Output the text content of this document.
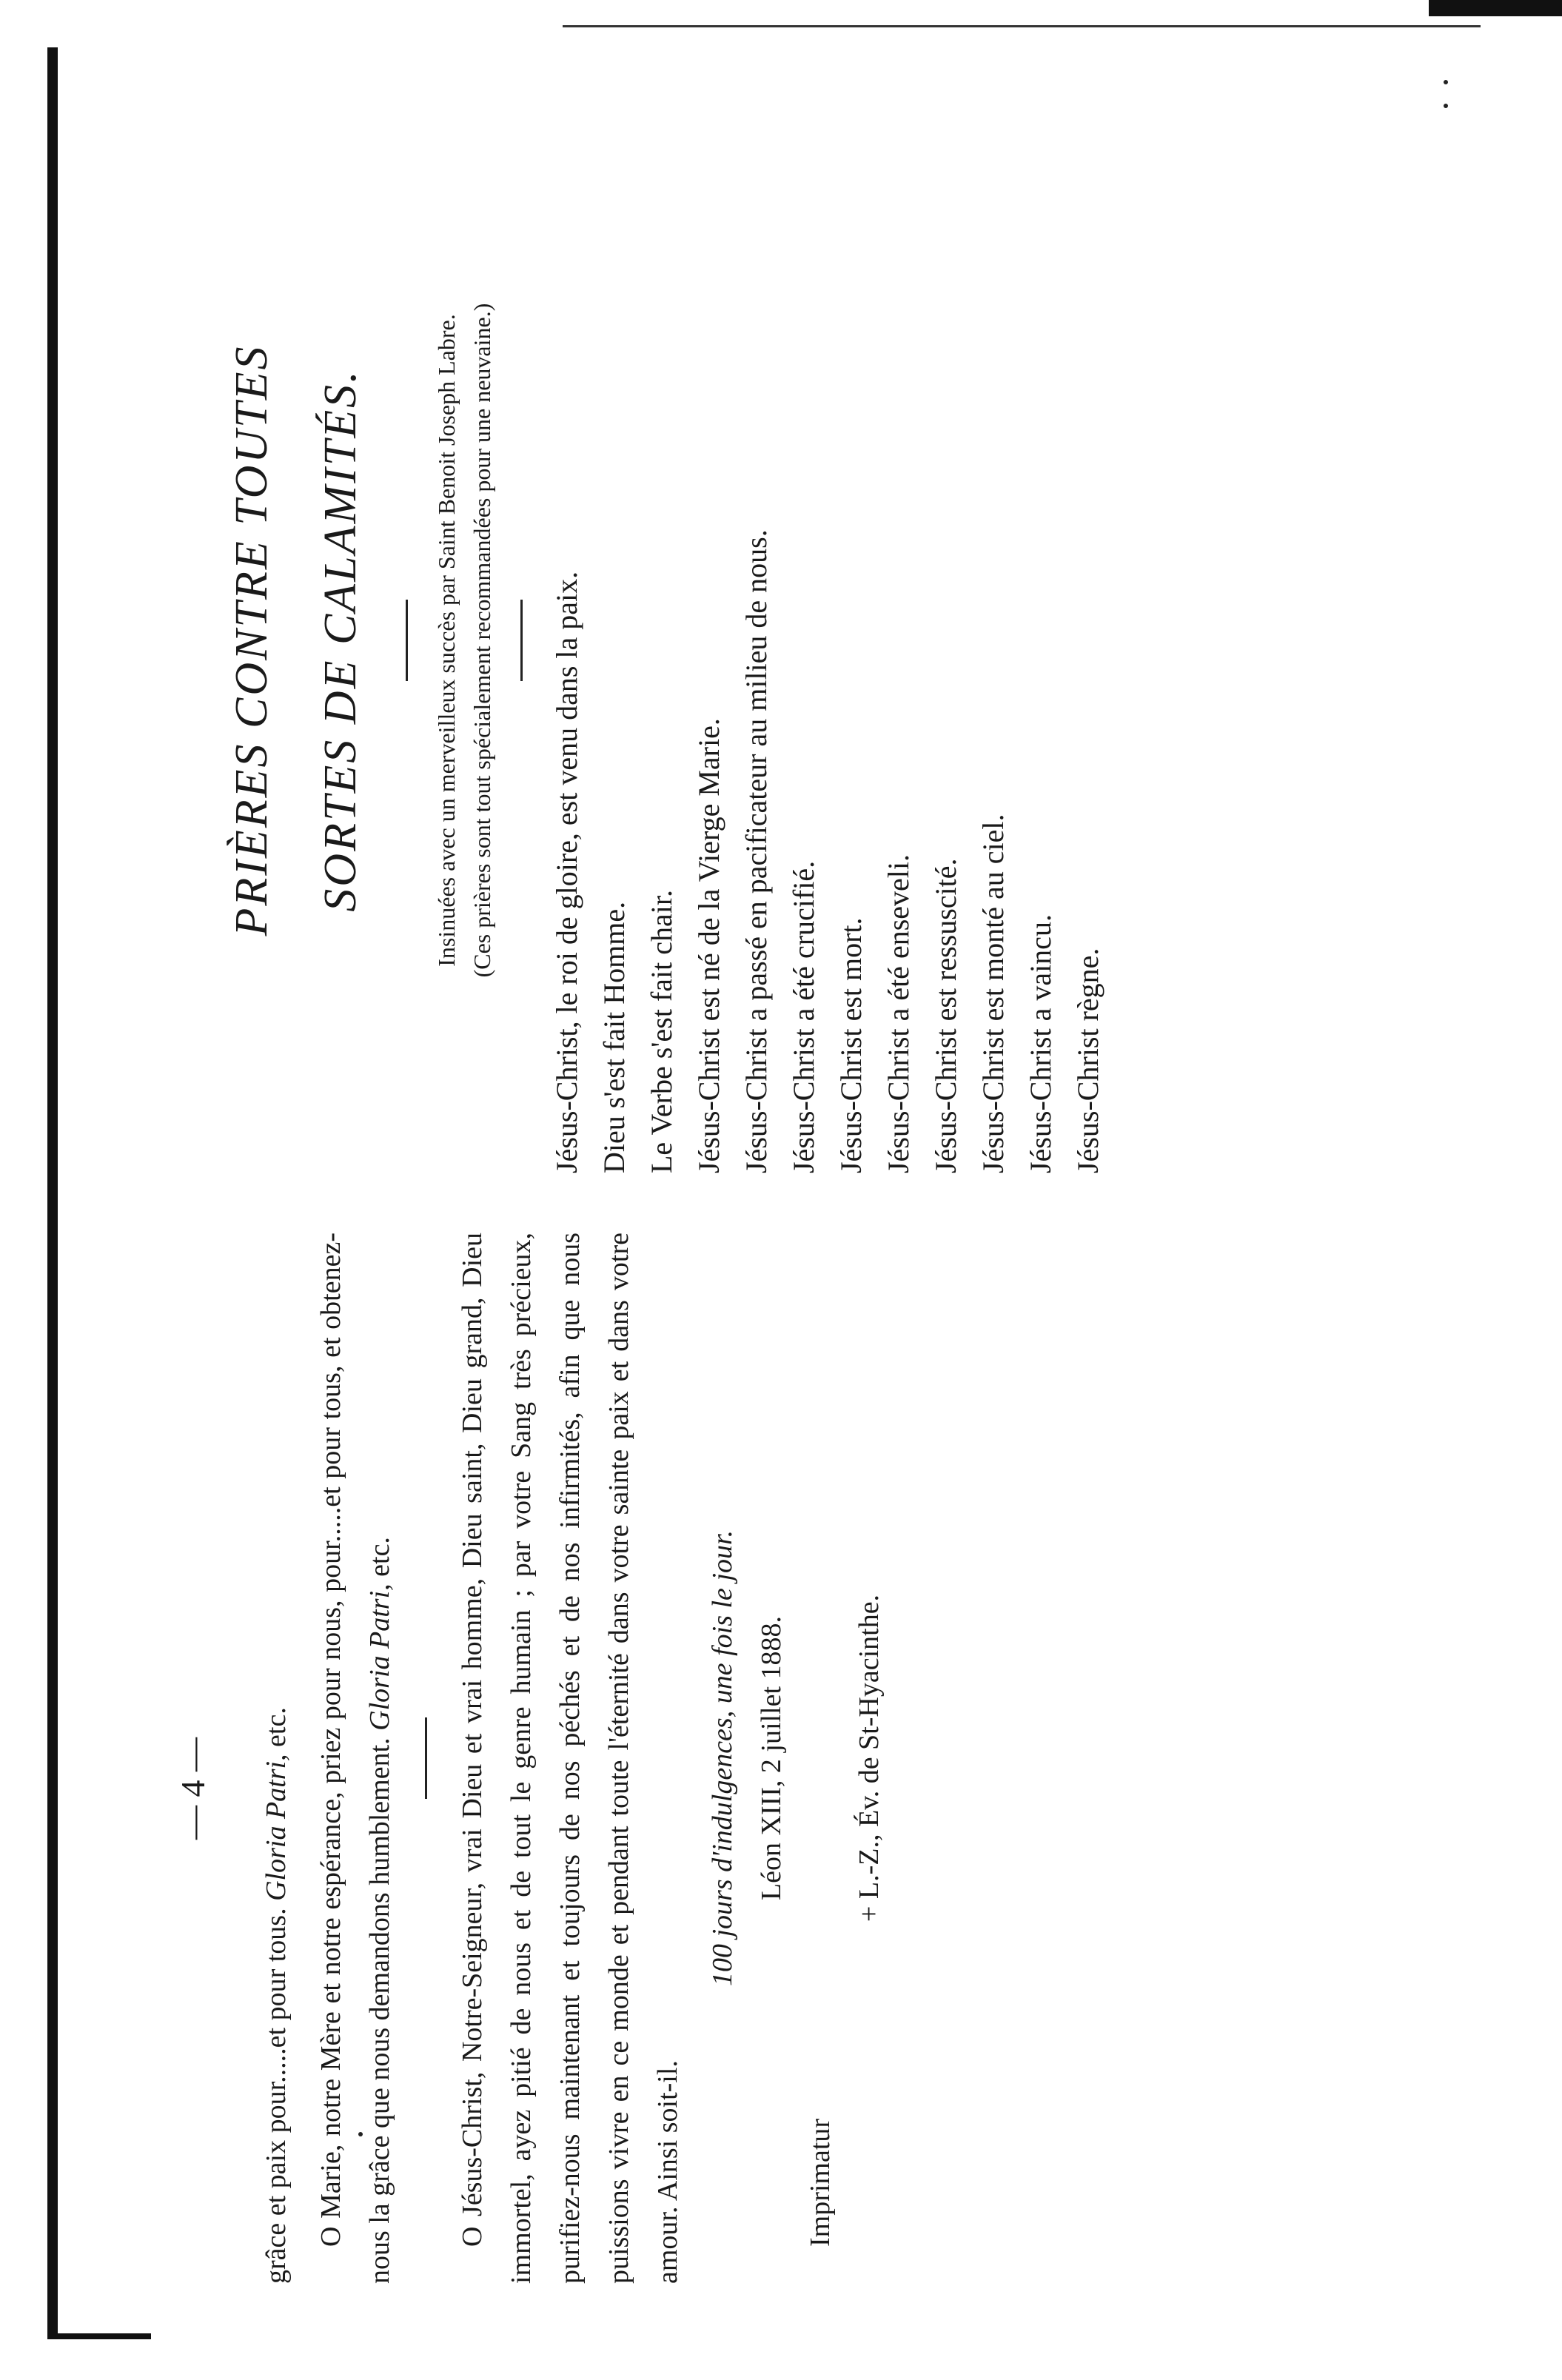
— 4 —

grâce et paix pour.....et pour tous. Gloria Patri, etc. O Marie, notre Mère et notre espérance, priez pour nous, pour.....et pour tous, et obtenez-nous la grâce que nous demandons humblement. Gloria Patri, etc.	O Jésus-Christ, Notre-Seigneur, vrai Dieu et vrai homme, Dieu saint, Dieu grand, Dieu immortel, ayez pitié de nous et de tout le genre humain ; par votre Sang très précieux, purifiez-nous maintenant et toujours de nos péchés et de nos infirmités, afin que nous puissions vivre en ce monde et pendant toute l'éternité dans votre sainte paix et dans votre amour. Ainsi soit-il.

100 jours d'indulgences, une fois le jour. Léon XIII, 2 juillet 1888.

Imprimatur

+ L.-Z., Év. de St-Hyacinthe.

PRIÈRES CONTRE TOUTES SORTES DE CALAMITÉS.	Insinuées avec un merveilleux succès par Saint Benoit Joseph Labre. (Ces prières sont tout spécialement recommandées pour une neuvaine.) Jésus-Christ, le roi de gloire, est venu dans la paix. Dieu s'est fait Homme. Le Verbe s'est fait chair. Jésus-Christ est né de la Vierge Marie. Jésus-Christ a passé en pacificateur au milieu de nous. Jésus-Christ a été crucifié. Jésus-Christ est mort. Jésus-Christ a été enseveli. Jésus-Christ est ressuscité. Jésus-Christ est monté au ciel. Jésus-Christ a vaincu. Jésus-Christ règne.
